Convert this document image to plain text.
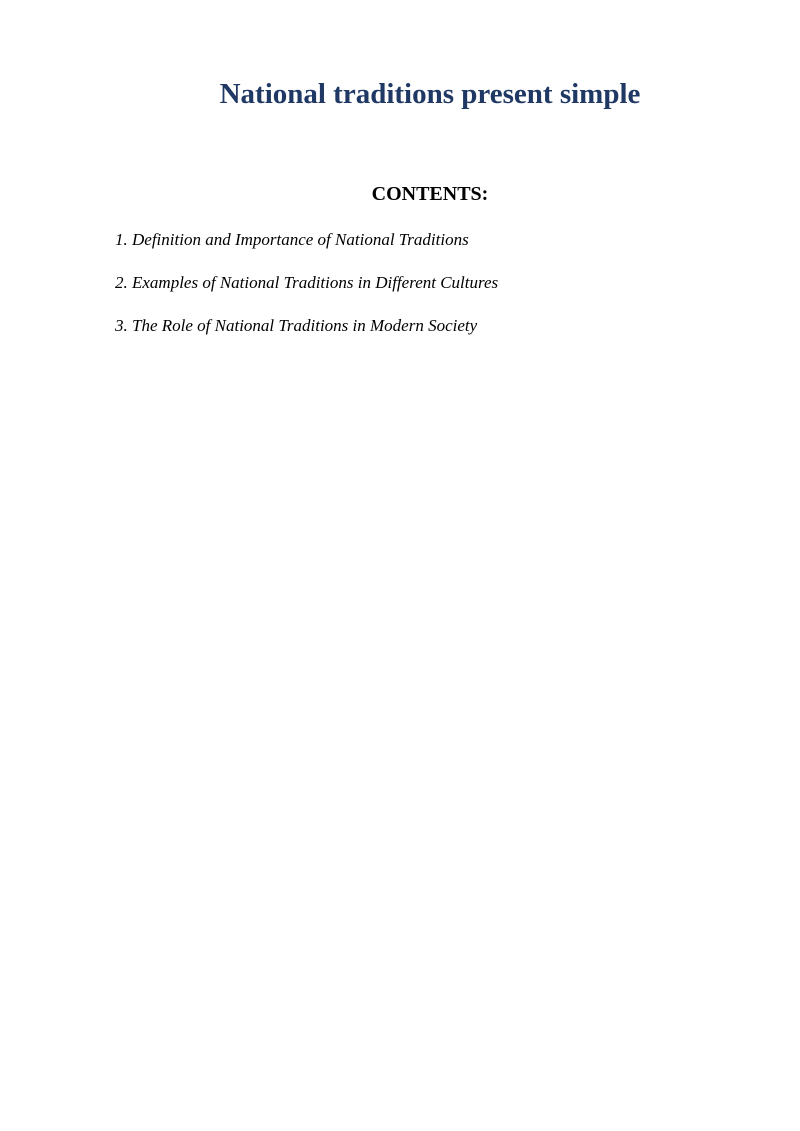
National traditions present simple
CONTENTS:
1. Definition and Importance of National Traditions
2. Examples of National Traditions in Different Cultures
3. The Role of National Traditions in Modern Society
